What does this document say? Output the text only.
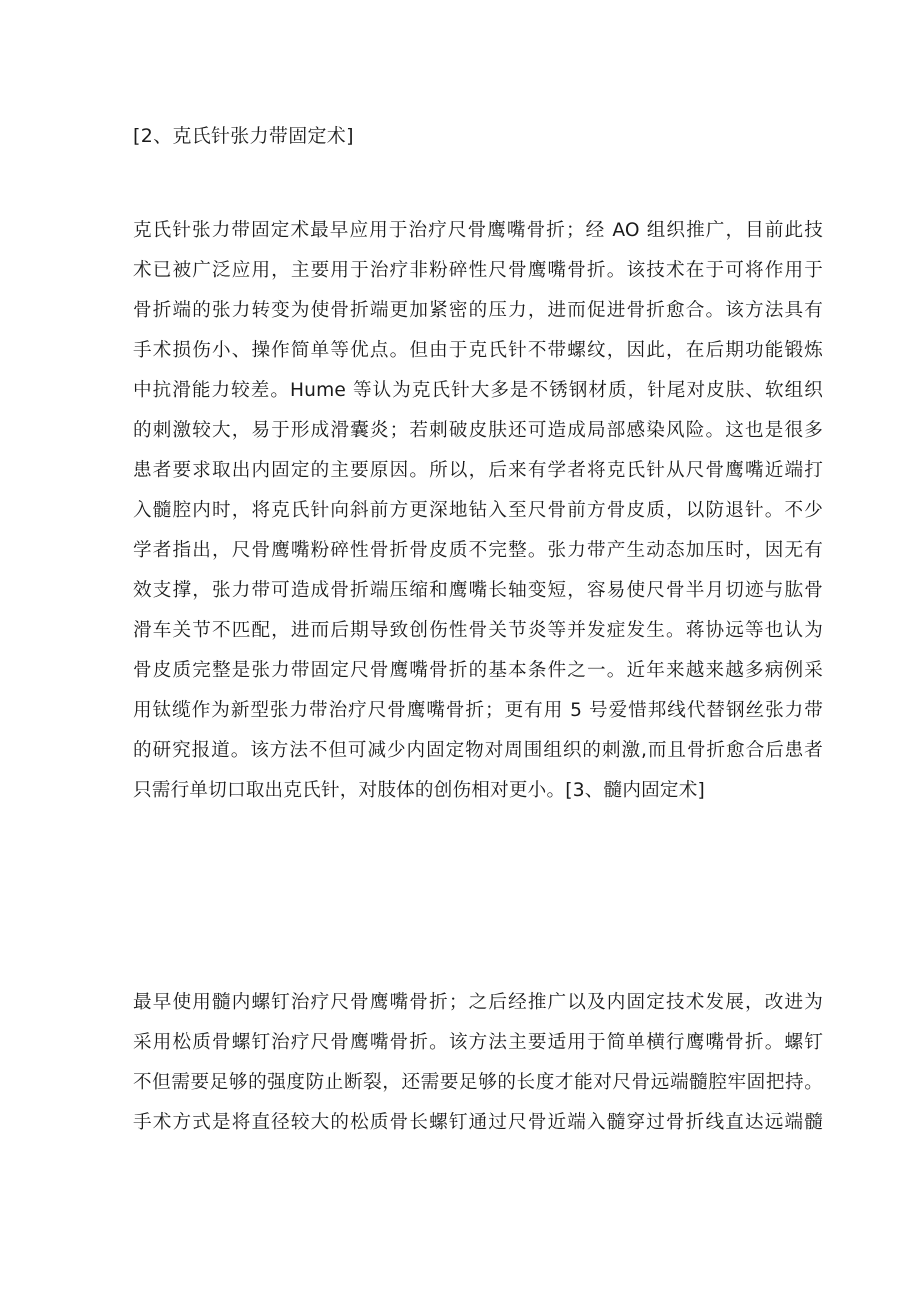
[2、克氏针张力带固定术]
克氏针张力带固定术最早应用于治疗尺骨鹰嘴骨折；经 AO 组织推广，目前此技
术已被广泛应用，主要用于治疗非粉碎性尺骨鹰嘴骨折。该技术在于可将作用于
骨折端的张力转变为使骨折端更加紧密的压力，进而促进骨折愈合。该方法具有
手术损伤小、操作简单等优点。但由于克氏针不带螺纹，因此，在后期功能锻炼
中抗滑能力较差。Hume 等认为克氏针大多是不锈钢材质，针尾对皮肤、软组织
的刺激较大，易于形成滑囊炎；若刺破皮肤还可造成局部感染风险。这也是很多
患者要求取出内固定的主要原因。所以，后来有学者将克氏针从尺骨鹰嘴近端打
入髓腔内时，将克氏针向斜前方更深地钻入至尺骨前方骨皮质，以防退针。不少
学者指出，尺骨鹰嘴粉碎性骨折骨皮质不完整。张力带产生动态加压时，因无有
效支撑，张力带可造成骨折端压缩和鹰嘴长轴变短，容易使尺骨半月切迹与肱骨
滑车关节不匹配，进而后期导致创伤性骨关节炎等并发症发生。蒋协远等也认为
骨皮质完整是张力带固定尺骨鹰嘴骨折的基本条件之一。近年来越来越多病例采
用钛缆作为新型张力带治疗尺骨鹰嘴骨折；更有用 5 号爱惜邦线代替钢丝张力带
的研究报道。该方法不但可减少内固定物对周围组织的刺激,而且骨折愈合后患者
只需行单切口取出克氏针，对肢体的创伤相对更小。[3、髓内固定术]
最早使用髓内螺钉治疗尺骨鹰嘴骨折；之后经推广以及内固定技术发展，改进为
采用松质骨螺钉治疗尺骨鹰嘴骨折。该方法主要适用于简单横行鹰嘴骨折。螺钉
不但需要足够的强度防止断裂，还需要足够的长度才能对尺骨远端髓腔牢固把持。
手术方式是将直径较大的松质骨长螺钉通过尺骨近端入髓穿过骨折线直达远端髓
